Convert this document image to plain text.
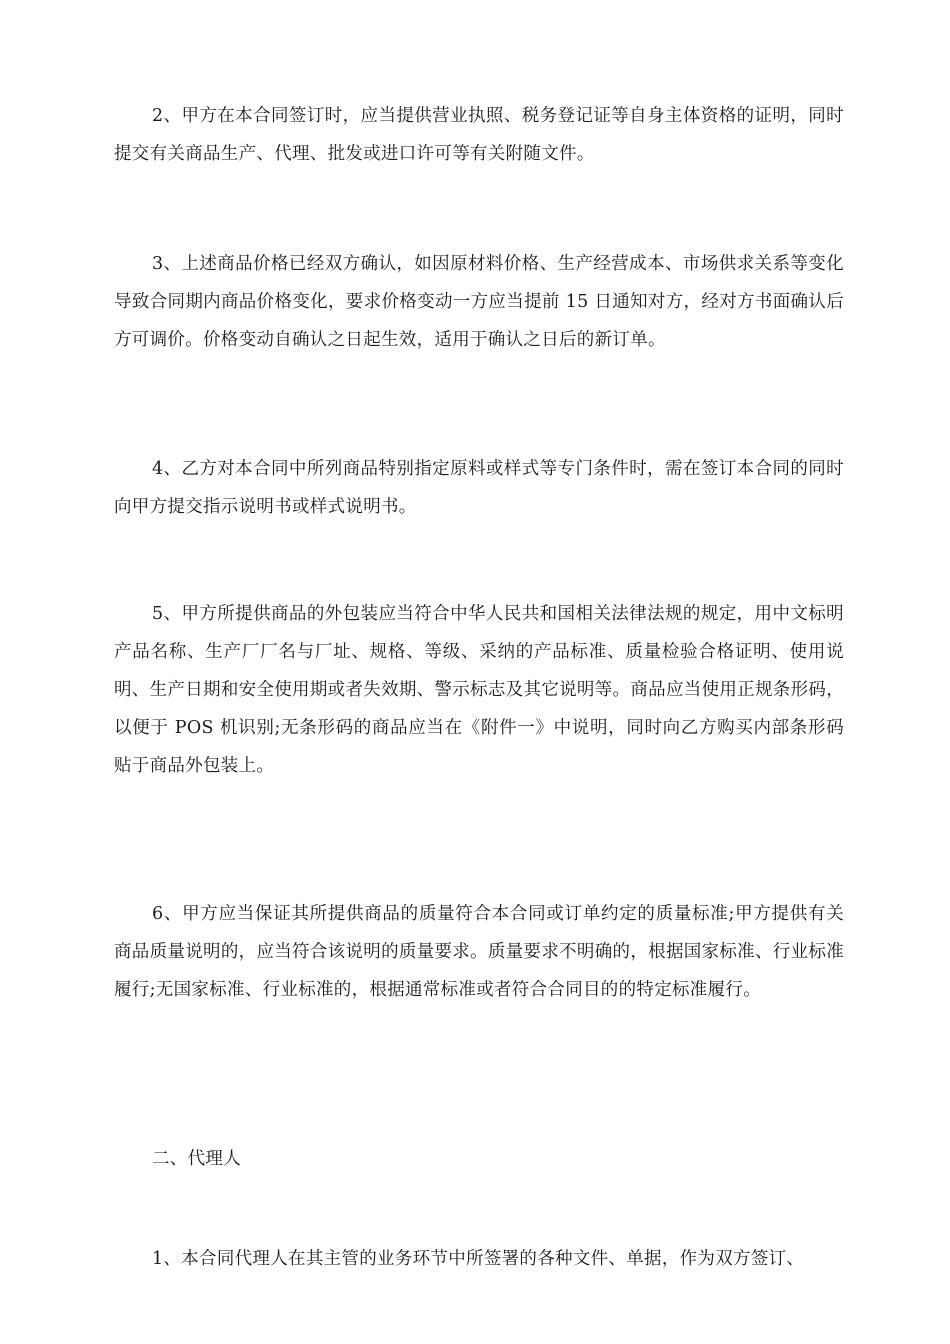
2、甲方在本合同签订时，应当提供营业执照、税务登记证等自身主体资格的证明，同时提交有关商品生产、代理、批发或进口许可等有关附随文件。

3、上述商品价格已经双方确认，如因原材料价格、生产经营成本、市场供求关系等变化导致合同期内商品价格变化，要求价格变动一方应当提前 15 日通知对方，经对方书面确认后方可调价。价格变动自确认之日起生效，适用于确认之日后的新订单。

4、乙方对本合同中所列商品特别指定原料或样式等专门条件时，需在签订本合同的同时向甲方提交指示说明书或样式说明书。

5、甲方所提供商品的外包装应当符合中华人民共和国相关法律法规的规定，用中文标明产品名称、生产厂厂名与厂址、规格、等级、采纳的产品标准、质量检验合格证明、使用说明、生产日期和安全使用期或者失效期、警示标志及其它说明等。商品应当使用正规条形码，以便于 POS 机识别;无条形码的商品应当在《附件一》中说明，同时向乙方购买内部条形码贴于商品外包装上。

6、甲方应当保证其所提供商品的质量符合本合同或订单约定的质量标准;甲方提供有关商品质量说明的，应当符合该说明的质量要求。质量要求不明确的，根据国家标准、行业标准履行;无国家标准、行业标准的，根据通常标准或者符合合同目的的特定标准履行。

二、代理人

1、本合同代理人在其主管的业务环节中所签署的各种文件、单据，作为双方签订、
